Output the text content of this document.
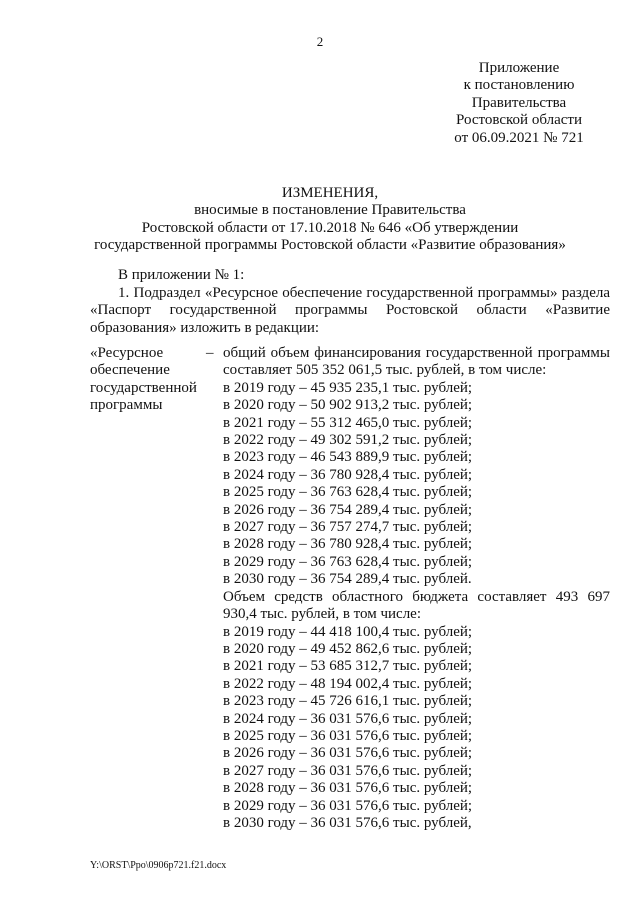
2
Приложение
к постановлению
Правительства
Ростовской области
от 06.09.2021 № 721
ИЗМЕНЕНИЯ,
вносимые в постановление Правительства
Ростовской области от 17.10.2018 № 646 «Об утверждении
государственной программы Ростовской области «Развитие образования»
В приложении № 1:
1. Подраздел «Ресурсное обеспечение государственной программы» раздела «Паспорт государственной программы Ростовской области «Развитие образования» изложить в редакции:
«Ресурсное
обеспечение
государственной
программы
– общий объем финансирования государственной программы составляет 505 352 061,5 тыс. рублей, в том числе:
в 2019 году – 45 935 235,1 тыс. рублей;
в 2020 году – 50 902 913,2 тыс. рублей;
в 2021 году – 55 312 465,0 тыс. рублей;
в 2022 году – 49 302 591,2 тыс. рублей;
в 2023 году – 46 543 889,9 тыс. рублей;
в 2024 году – 36 780 928,4 тыс. рублей;
в 2025 году – 36 763 628,4 тыс. рублей;
в 2026 году – 36 754 289,4 тыс. рублей;
в 2027 году – 36 757 274,7 тыс. рублей;
в 2028 году – 36 780 928,4 тыс. рублей;
в 2029 году – 36 763 628,4 тыс. рублей;
в 2030 году – 36 754 289,4 тыс. рублей.
Объем средств областного бюджета составляет 493 697 930,4 тыс. рублей, в том числе:
в 2019 году – 44 418 100,4 тыс. рублей;
в 2020 году – 49 452 862,6 тыс. рублей;
в 2021 году – 53 685 312,7 тыс. рублей;
в 2022 году – 48 194 002,4 тыс. рублей;
в 2023 году – 45 726 616,1 тыс. рублей;
в 2024 году – 36 031 576,6 тыс. рублей;
в 2025 году – 36 031 576,6 тыс. рублей;
в 2026 году – 36 031 576,6 тыс. рублей;
в 2027 году – 36 031 576,6 тыс. рублей;
в 2028 году – 36 031 576,6 тыс. рублей;
в 2029 году – 36 031 576,6 тыс. рублей;
в 2030 году – 36 031 576,6 тыс. рублей,
Y:\ORST\Ppo\0906p721.f21.docx
